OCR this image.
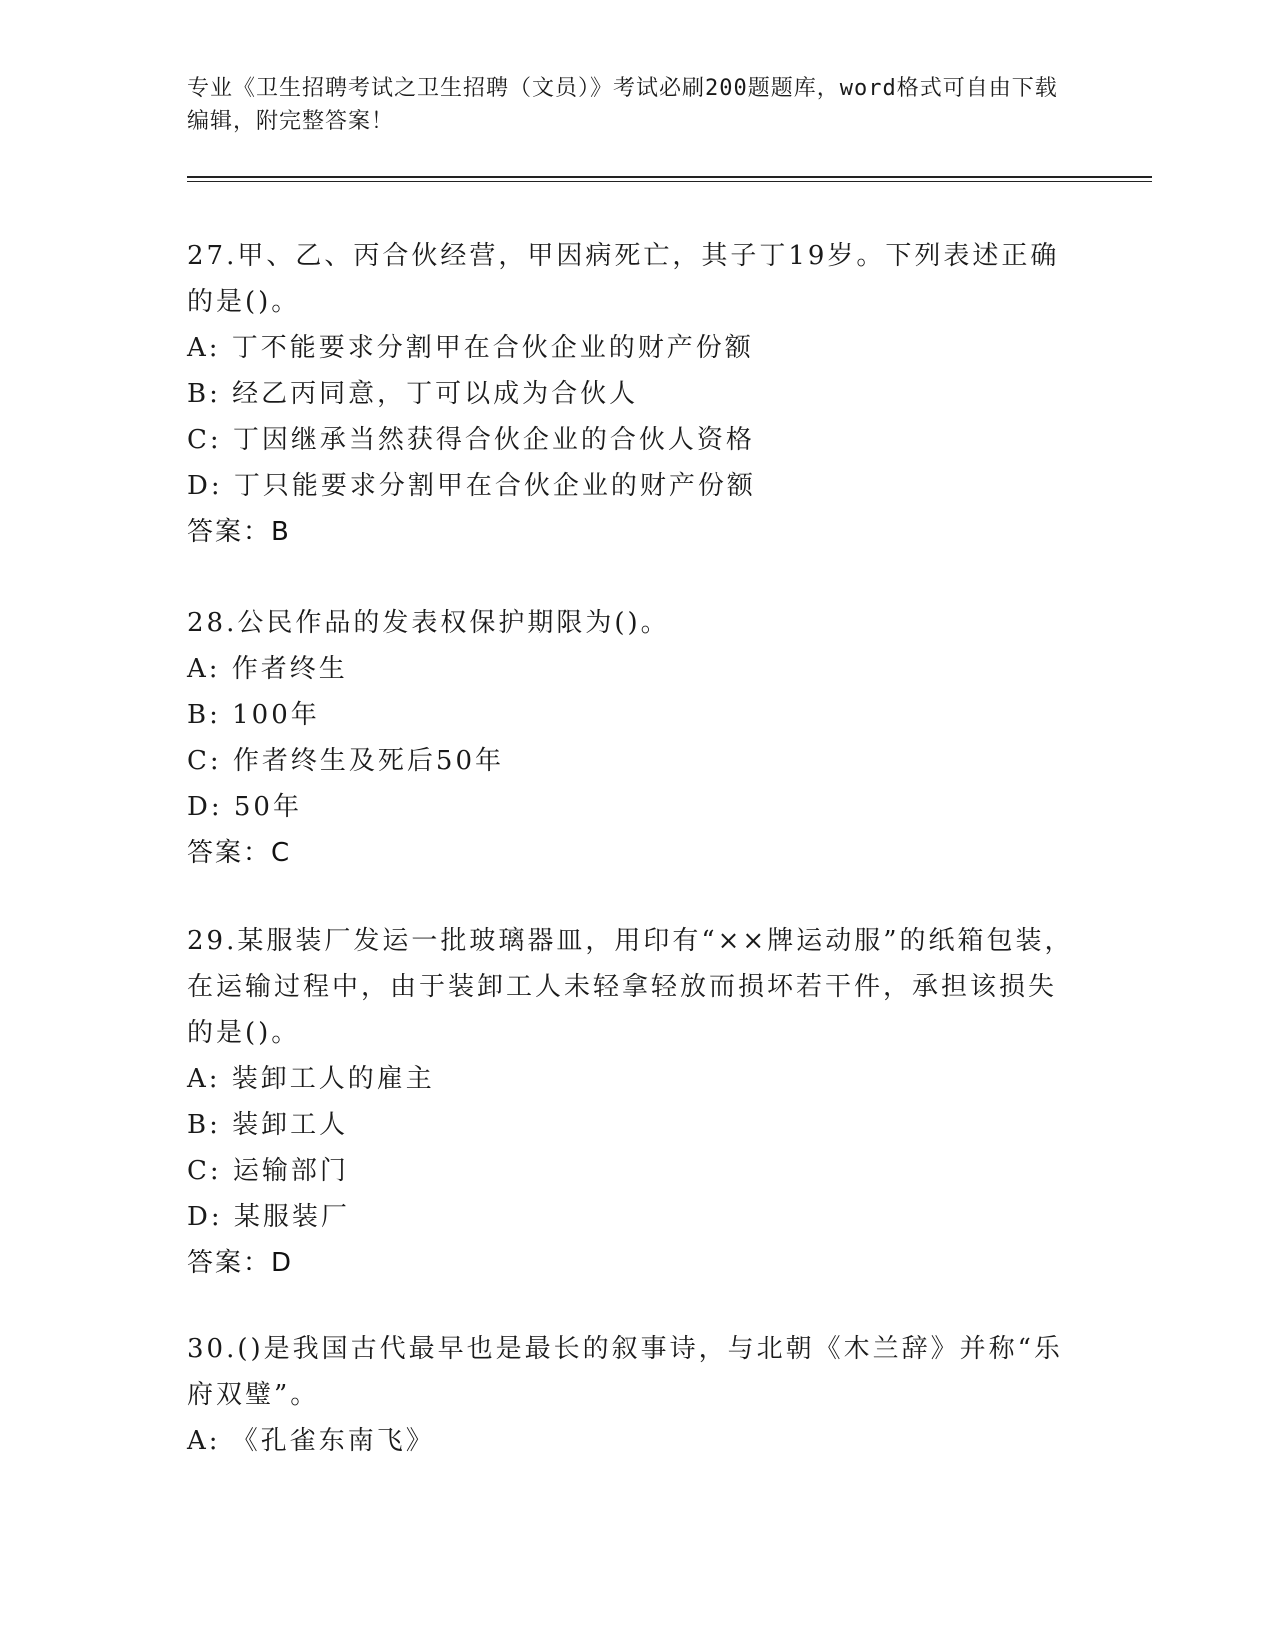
专业《卫生招聘考试之卫生招聘（文员）》考试必刷200题题库，word格式可自由下载编辑，附完整答案！
27.甲、乙、丙合伙经营，甲因病死亡，其子丁19岁。下列表述正确的是()。
A: 丁不能要求分割甲在合伙企业的财产份额
B: 经乙丙同意，丁可以成为合伙人
C: 丁因继承当然获得合伙企业的合伙人资格
D: 丁只能要求分割甲在合伙企业的财产份额
答案：B
28.公民作品的发表权保护期限为()。
A: 作者终生
B: 100年
C: 作者终生及死后50年
D: 50年
答案：C
29.某服装厂发运一批玻璃器皿，用印有“××牌运动服”的纸箱包装，在运输过程中，由于装卸工人未轻拿轻放而损坏若干件，承担该损失的是()。
A: 装卸工人的雇主
B: 装卸工人
C: 运输部门
D: 某服装厂
答案：D
30.()是我国古代最早也是最长的叙事诗，与北朝《木兰辞》并称“乐府双璧”。
A: 《孔雀东南飞》
